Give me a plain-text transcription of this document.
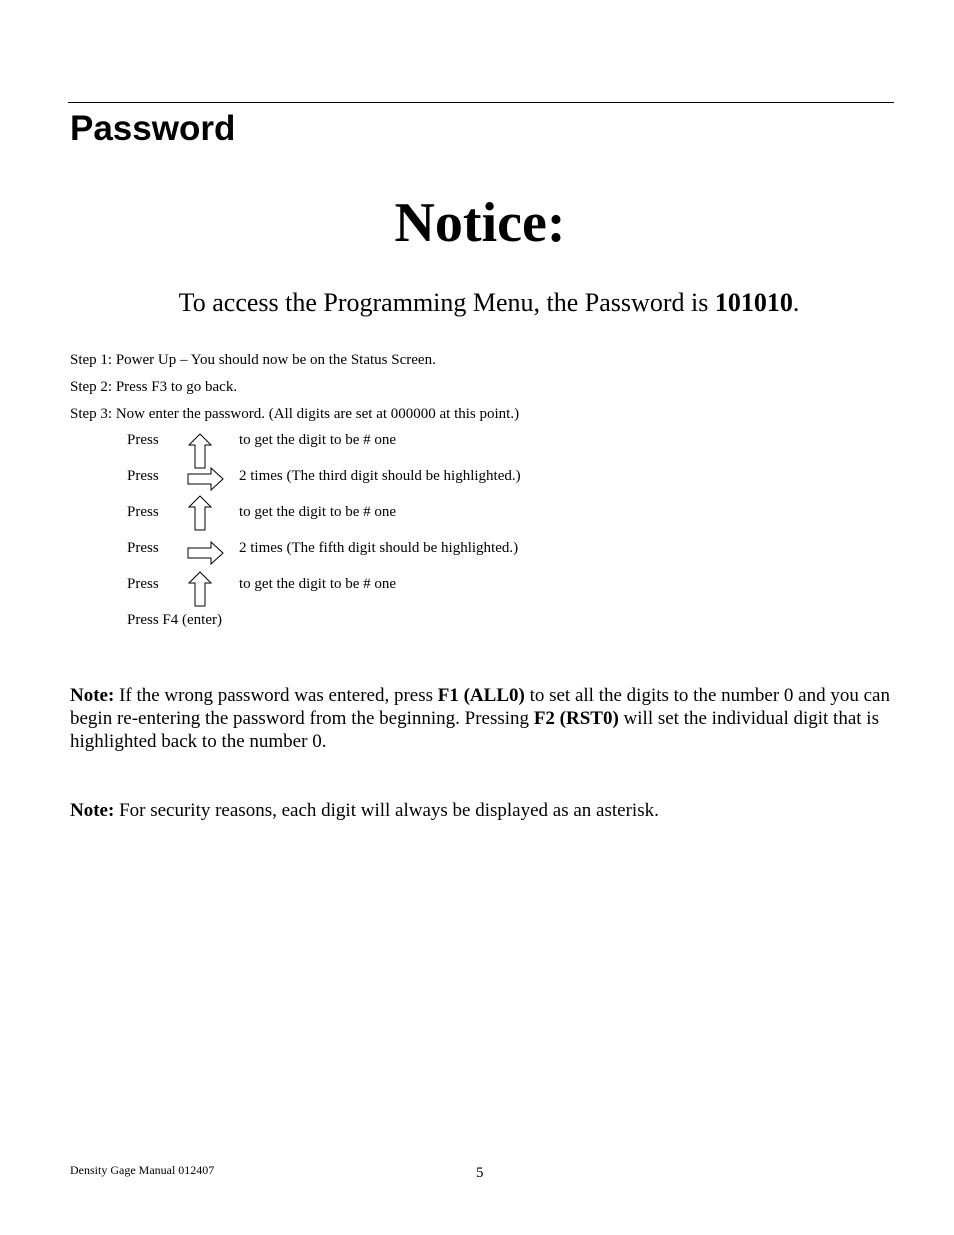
Password
Notice:
To access the Programming Menu, the Password is 101010.
Step 1: Power Up – You should now be on the Status Screen.
Step 2: Press F3 to go back.
Step 3: Now enter the password. (All digits are set at 000000 at this point.)
Press	to get the digit to be # one
Press	2 times (The third digit should be highlighted.)
Press	to get the digit to be # one
Press	2 times (The fifth digit should be highlighted.)
Press	to get the digit to be # one
Press F4 (enter)
Note: If the wrong password was entered, press F1 (ALL0) to set all the digits to the number 0 and you can begin re-entering the password from the beginning. Pressing F2 (RST0) will set the individual digit that is highlighted back to the number 0.
Note: For security reasons, each digit will always be displayed as an asterisk.
Density Gage Manual 012407	5
